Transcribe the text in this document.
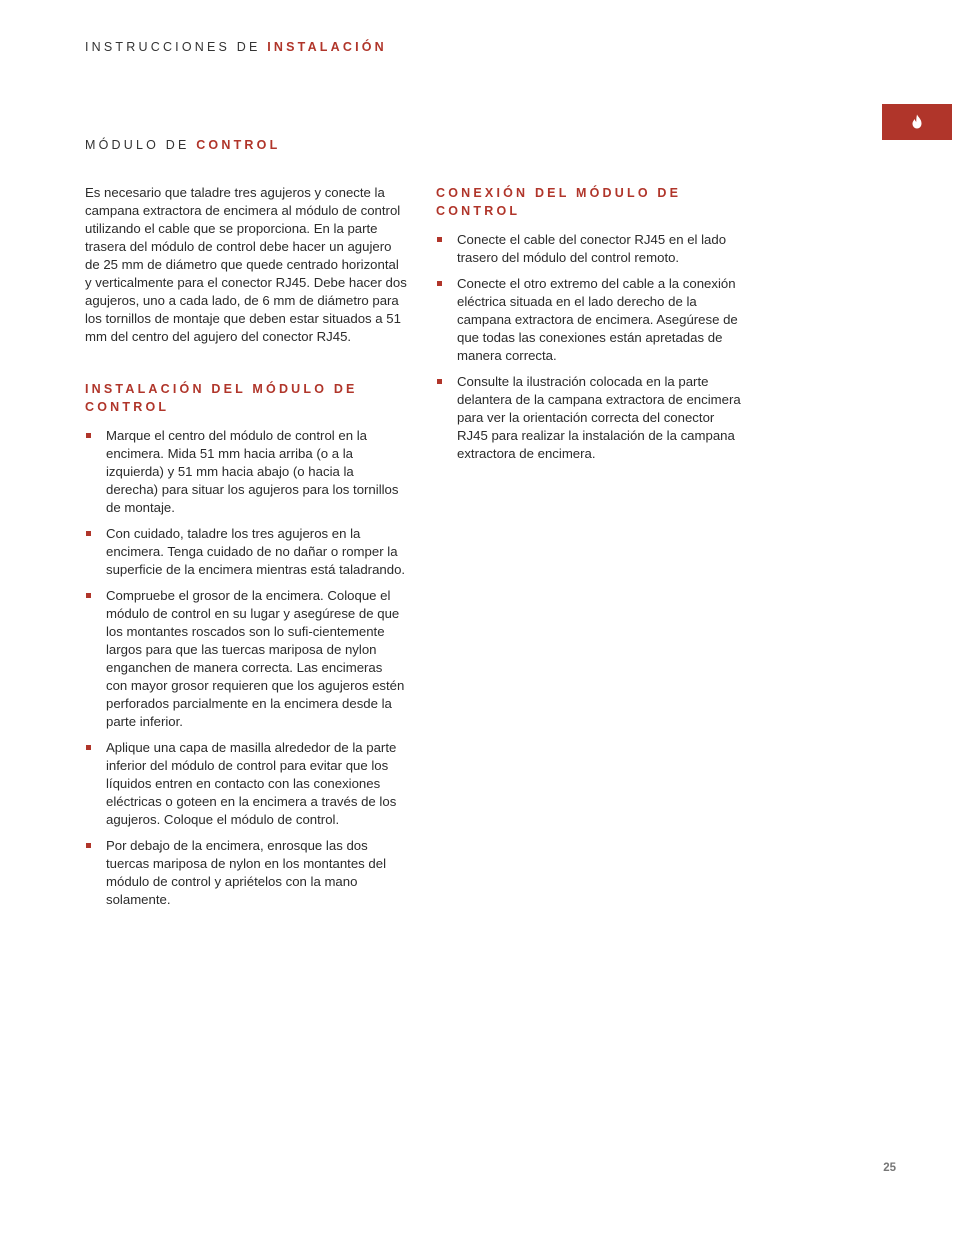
INSTRUCCIONES DE INSTALACIÓN
MÓDULO DE CONTROL

Es necesario que taladre tres agujeros y conecte la campana extractora de encimera al módulo de control utilizando el cable que se proporciona. En la parte trasera del módulo de control debe hacer un agujero de 25 mm de diámetro que quede centrado horizontal y verticalmente para el conector RJ45. Debe hacer dos agujeros, uno a cada lado, de 6 mm de diámetro para los tornillos de montaje que deben estar situados a 51 mm del centro del agujero del conector RJ45.

INSTALACIÓN DEL MÓDULO DE CONTROL
Marque el centro del módulo de control en la encimera. Mida 51 mm hacia arriba (o a la izquierda) y 51 mm hacia abajo (o hacia la derecha) para situar los agujeros para los tornillos de montaje.
Con cuidado, taladre los tres agujeros en la encimera. Tenga cuidado de no dañar o romper la superficie de la encimera mientras está taladrando.
Compruebe el grosor de la encimera. Coloque el módulo de control en su lugar y asegúrese de que los montantes roscados son lo sufi-cientemente largos para que las tuercas mariposa de nylon enganchen de manera correcta. Las encimeras con mayor grosor requieren que los agujeros estén perforados parcialmente en la encimera desde la parte inferior.
Aplique una capa de masilla alrededor de la parte inferior del módulo de control para evitar que los líquidos entren en contacto con las conexiones eléctricas o goteen en la encimera a través de los agujeros. Coloque el módulo de control.
Por debajo de la encimera, enrosque las dos tuercas mariposa de nylon en los montantes del módulo de control y apriételos con la mano solamente.
CONEXIÓN DEL MÓDULO DE CONTROL
Conecte el cable del conector RJ45 en el lado trasero del módulo del control remoto.
Conecte el otro extremo del cable a la conexión eléctrica situada en el lado derecho de la campana extractora de encimera. Asegúrese de que todas las conexiones están apretadas de manera correcta.
Consulte la ilustración colocada en la parte delantera de la campana extractora de encimera para ver la orientación correcta del conector RJ45 para realizar la instalación de la campana extractora de encimera.
25
